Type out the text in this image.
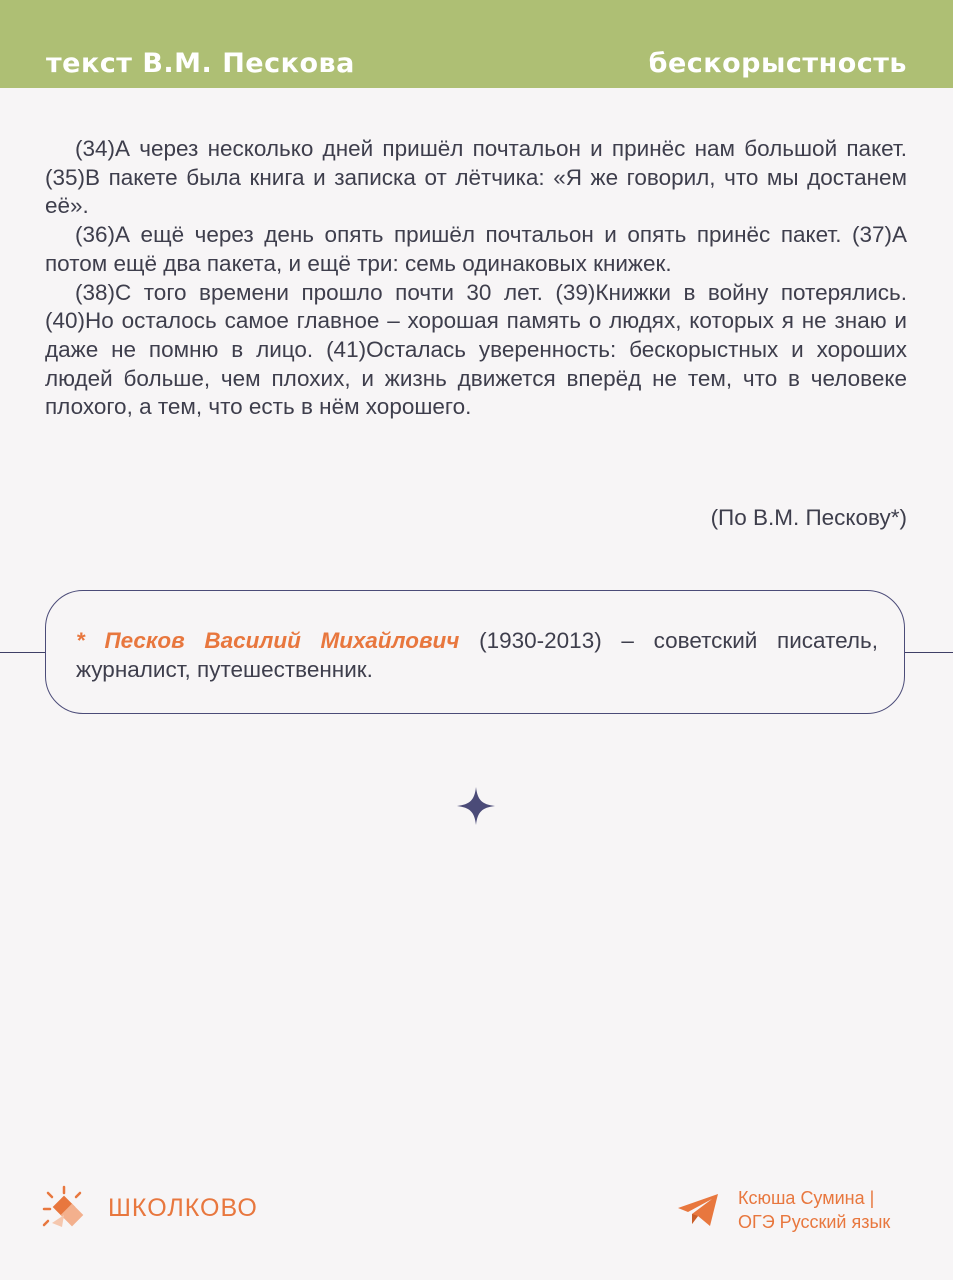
текст В.М. Пескова	бескорыстность

(34)А через несколько дней пришёл почтальон и принёс нам большой пакет. (35)В пакете была книга и записка от лётчика: «Я же говорил, что мы достанем её».

(36)А ещё через день опять пришёл почтальон и опять принёс пакет. (37)А потом ещё два пакета, и ещё три: семь одинаковых книжек.

(38)С того времени прошло почти 30 лет. (39)Книжки в войну потерялись. (40)Но осталось самое главное – хорошая память о людях, которых я не знаю и даже не помню в лицо. (41)Осталась уверенность: бескорыстных и хороших людей больше, чем плохих, и жизнь движется вперёд не тем, что в человеке плохого, а тем, что есть в нём хорошего.

(По В.М. Пескову*)
* Песков Василий Михайлович (1930-2013) – советский писатель, журналист, путешественник.
ШКОЛКОВО	Ксюша Сумина |
ОГЭ Русский язык
